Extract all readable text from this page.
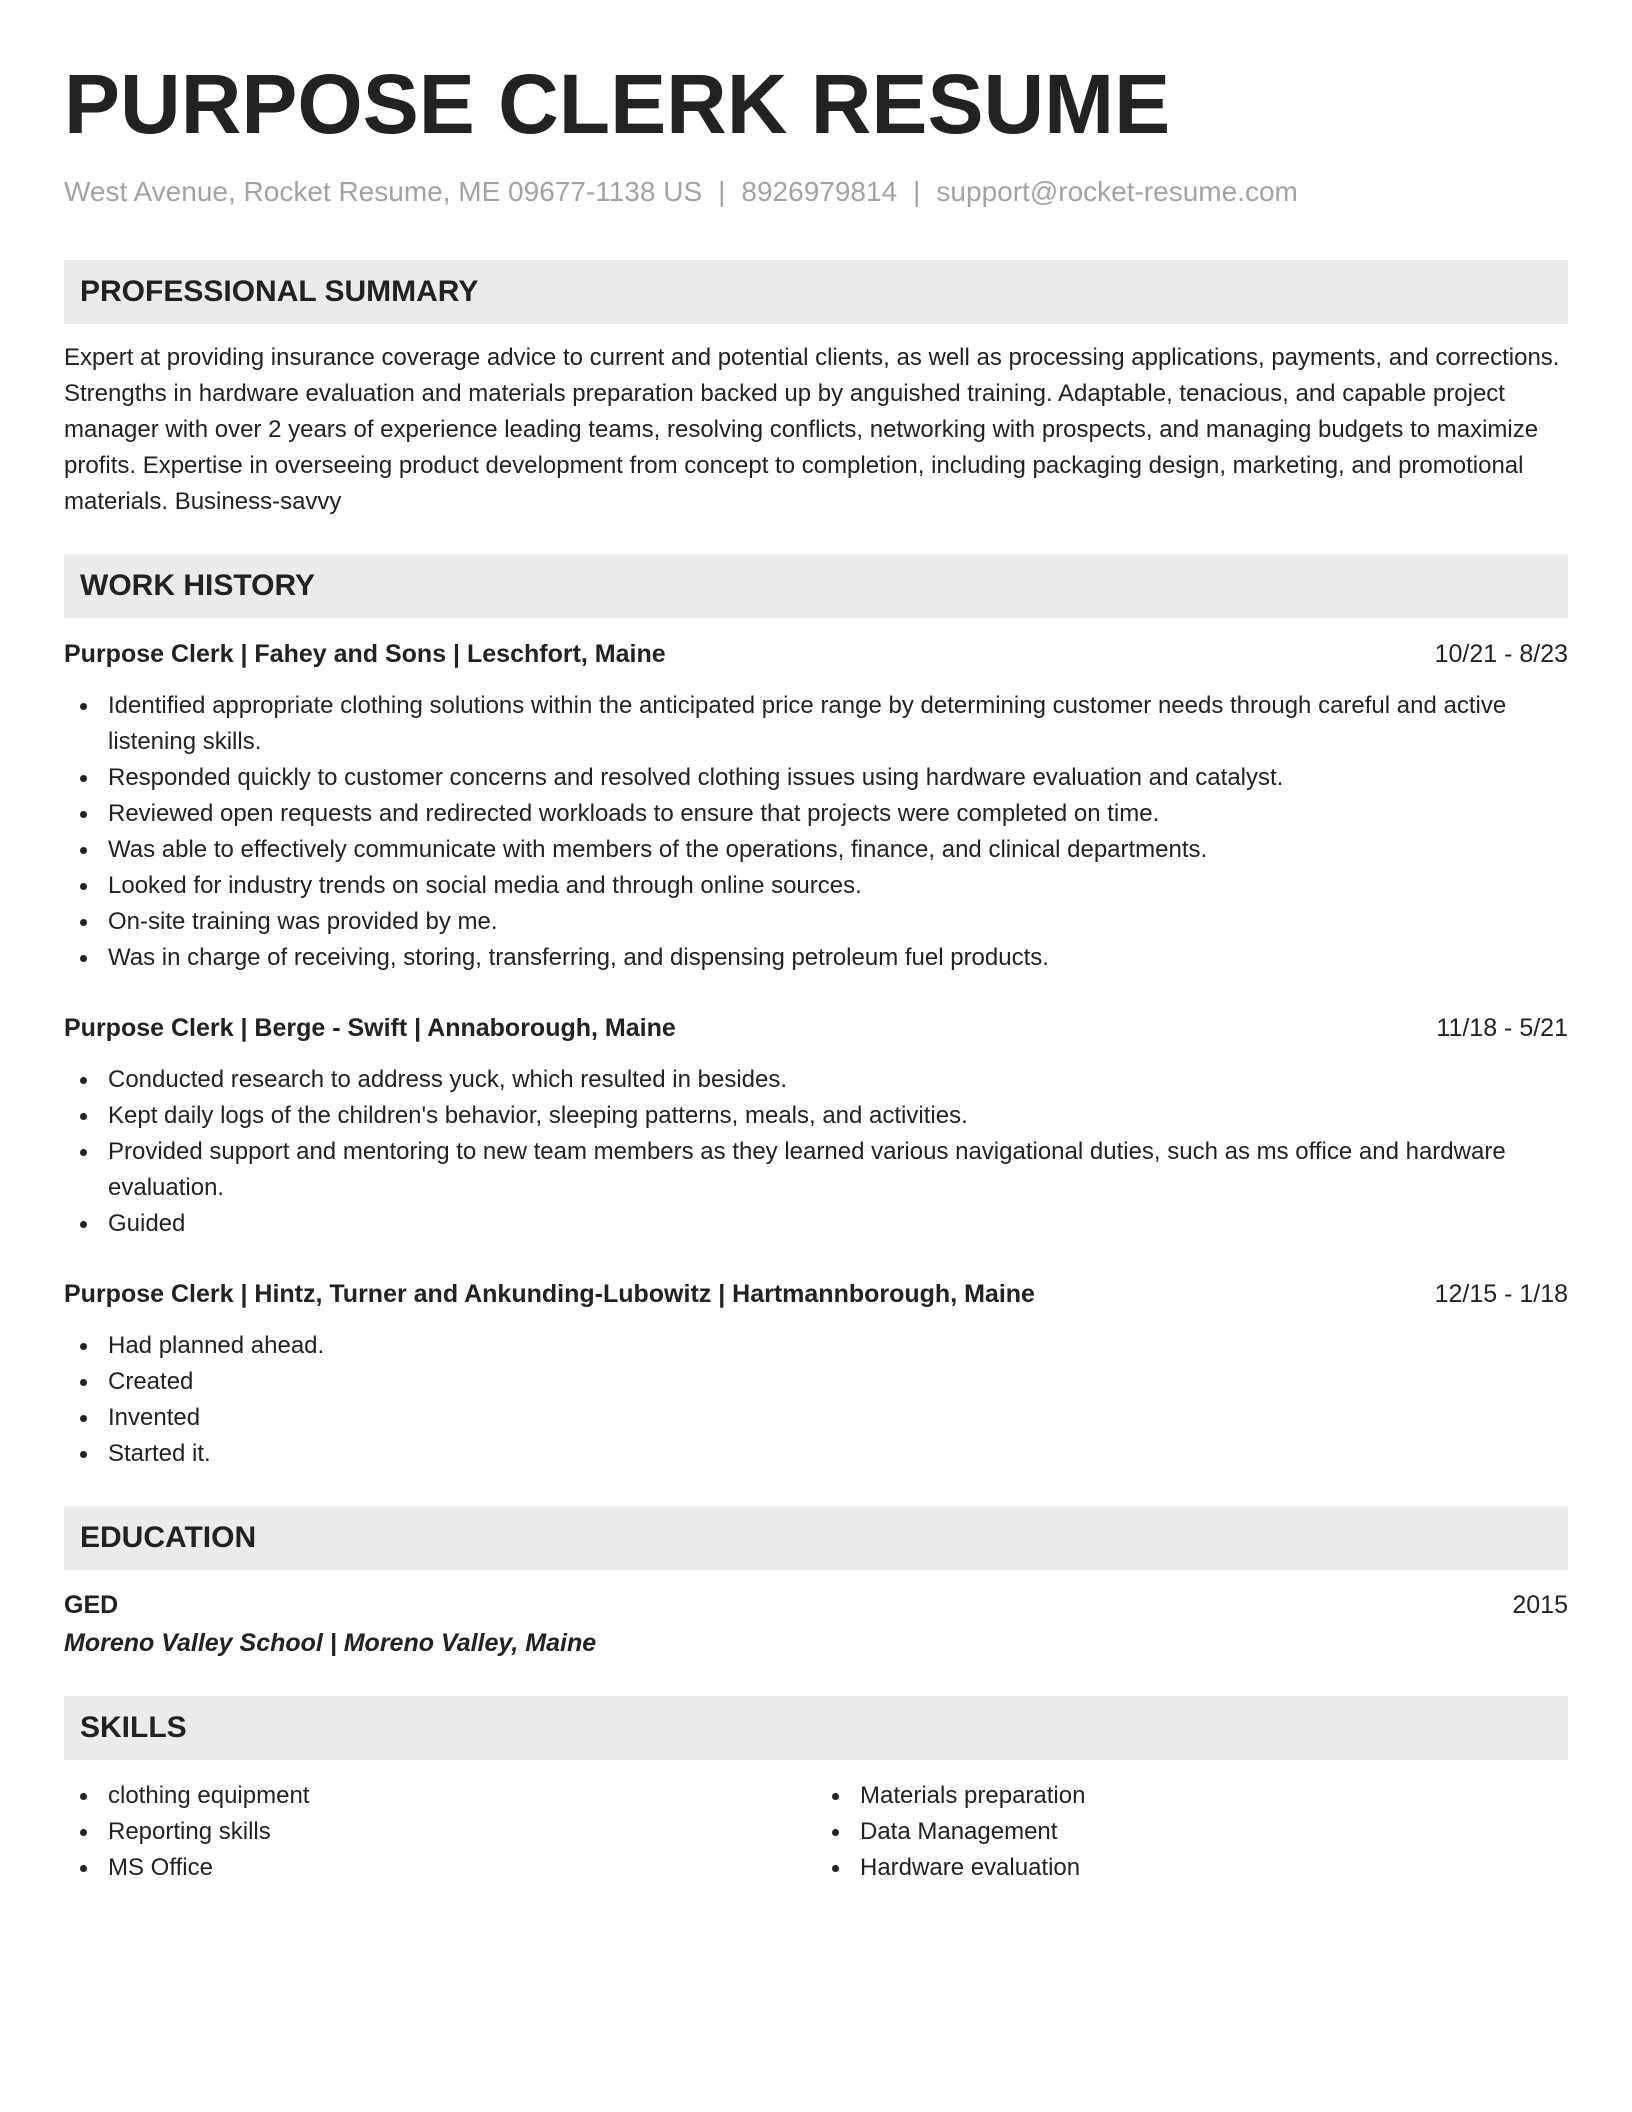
PURPOSE CLERK RESUME
West Avenue, Rocket Resume, ME 09677-1138 US | 8926979814 | support@rocket-resume.com
PROFESSIONAL SUMMARY
Expert at providing insurance coverage advice to current and potential clients, as well as processing applications, payments, and corrections. Strengths in hardware evaluation and materials preparation backed up by anguished training. Adaptable, tenacious, and capable project manager with over 2 years of experience leading teams, resolving conflicts, networking with prospects, and managing budgets to maximize profits. Expertise in overseeing product development from concept to completion, including packaging design, marketing, and promotional materials. Business-savvy
WORK HISTORY
Purpose Clerk | Fahey and Sons | Leschfort, Maine	10/21 - 8/23
Identified appropriate clothing solutions within the anticipated price range by determining customer needs through careful and active listening skills.
Responded quickly to customer concerns and resolved clothing issues using hardware evaluation and catalyst.
Reviewed open requests and redirected workloads to ensure that projects were completed on time.
Was able to effectively communicate with members of the operations, finance, and clinical departments.
Looked for industry trends on social media and through online sources.
On-site training was provided by me.
Was in charge of receiving, storing, transferring, and dispensing petroleum fuel products.
Purpose Clerk | Berge - Swift | Annaborough, Maine	11/18 - 5/21
Conducted research to address yuck, which resulted in besides.
Kept daily logs of the children's behavior, sleeping patterns, meals, and activities.
Provided support and mentoring to new team members as they learned various navigational duties, such as ms office and hardware evaluation.
Guided
Purpose Clerk | Hintz, Turner and Ankunding-Lubowitz | Hartmannborough, Maine	12/15 - 1/18
Had planned ahead.
Created
Invented
Started it.
EDUCATION
GED	2015
Moreno Valley School | Moreno Valley, Maine
SKILLS
clothing equipment
Reporting skills
MS Office
Materials preparation
Data Management
Hardware evaluation
